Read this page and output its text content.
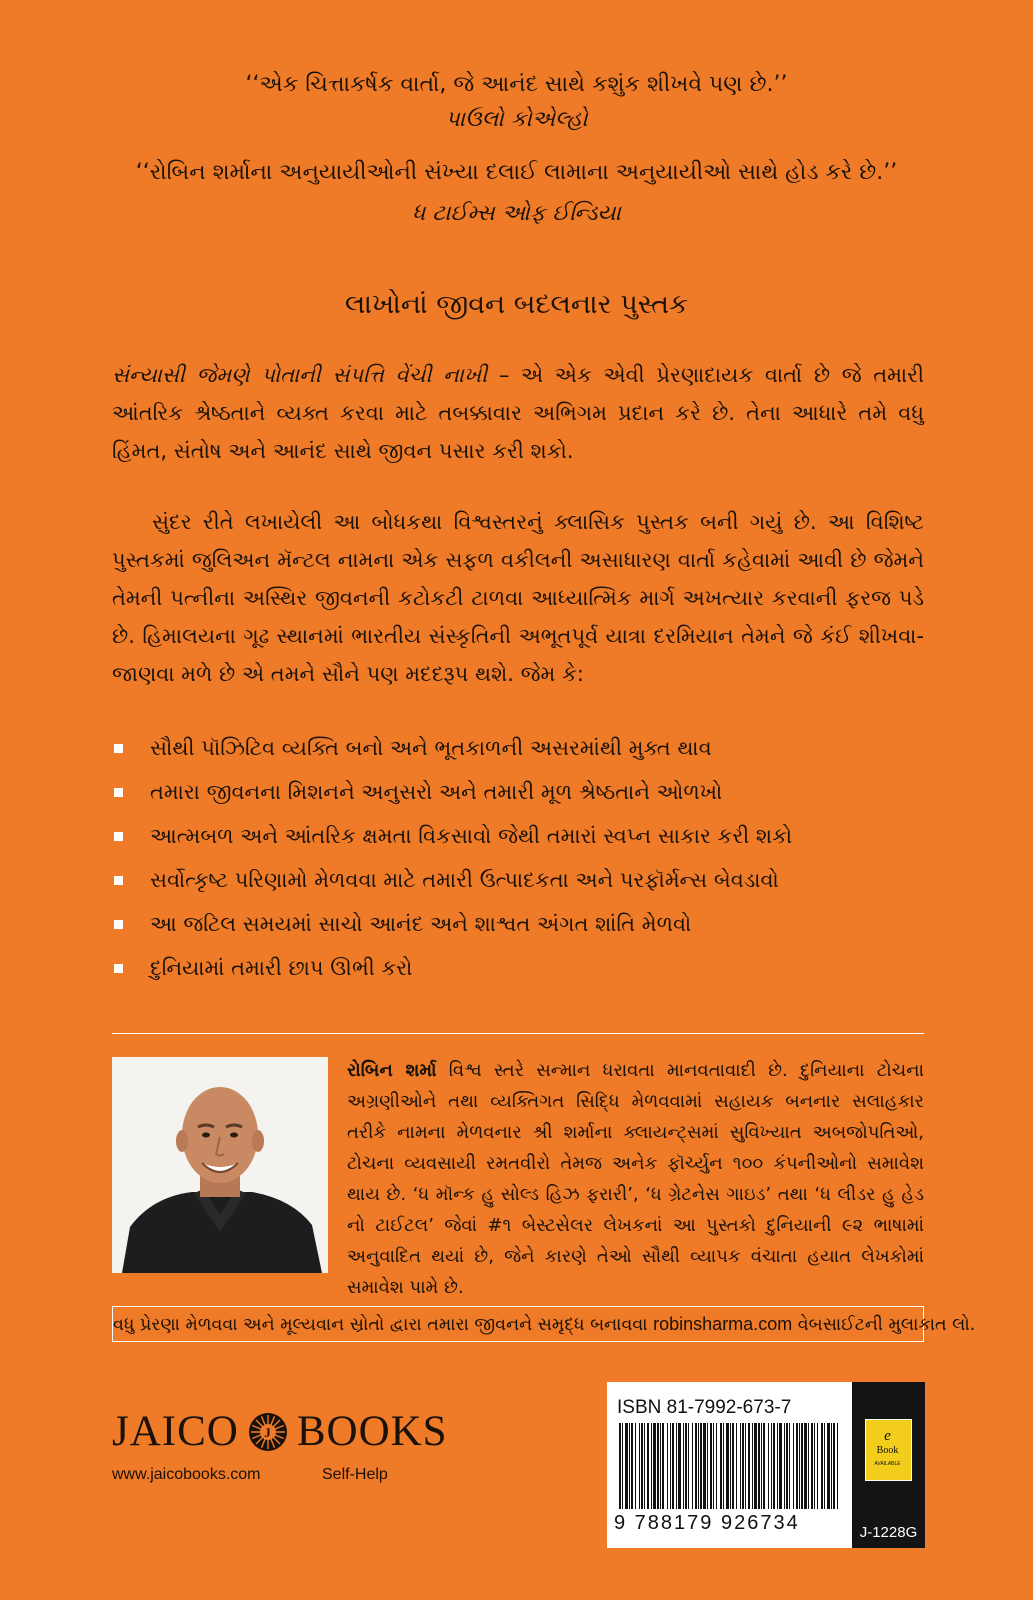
‘‘એક ચિત્તાકર્ષક વાર્તા, જે આનંદ સાથે કશુંક શીખવે પણ છે.’’
પાઉલો કોએલ્હો
‘‘રોબિન શર્માના અનુયાયીઓની સંખ્યા દલાઈ લામાના અનુયાયીઓ સાથે હોડ કરે છે.’’
ધ ટાઈમ્સ ઓફ ઈન્ડિયા
લાખોનાં જીવન બદલનાર પુસ્તક
સંન્યાસી જેમણે પોતાની સંપત્તિ વેંચી નાખી – એ એક એવી પ્રેરણાદાયક વાર્તા છે જે તમારી આંતરિક શ્રેષ્ઠતાને વ્યક્ત કરવા માટે તબક્કાવાર અભિગમ પ્રદાન કરે છે. તેના આધારે તમે વધુ હિંમત, સંતોષ અને આનંદ સાથે જીવન પસાર કરી શકો.
સુંદર રીતે લખાયેલી આ બોધકથા વિશ્વસ્તરનું ક્લાસિક પુસ્તક બની ગયું છે. આ વિશિષ્ટ પુસ્તકમાં જુલિઅન મૅન્ટલ નામના એક સફળ વકીલની અસાધારણ વાર્તા કહેવામાં આવી છે જેમને તેમની પત્નીના અસ્થિર જીવનની કટોકટી ટાળવા આધ્યાત્મિક માર્ગ અખત્યાર કરવાની ફરજ પડે છે. હિમાલયના ગૂઢ સ્થાનમાં ભારતીય સંસ્કૃતિની અભૂતપૂર્વ યાત્રા દરમિયાન તેમને જે કંઈ શીખવા-જાણવા મળે છે એ તમને સૌને પણ મદદરૂપ થશે. જેમ કે:
સૌથી પૉઝિટિવ વ્યક્તિ બનો અને ભૂતકાળની અસરમાંથી મુક્ત થાવ
તમારા જીવનના મિશનને અનુસરો અને તમારી મૂળ શ્રેષ્ઠતાને ઓળખો
આત્મબળ અને આંતરિક ક્ષમતા વિકસાવો જેથી તમારાં સ્વપ્ન સાકાર કરી શકો
સર્વોત્કૃષ્ટ પરિણામો મેળવવા માટે તમારી ઉત્પાદકતા અને પરફૉર્મન્સ બેવડાવો
આ જટિલ સમયમાં સાચો આનંદ અને શાશ્વત અંગત શાંતિ મેળવો
દુનિયામાં તમારી છાપ ઊભી કરો
રોબિન શર્મા વિશ્વ સ્તરે સન્માન ધરાવતા માનવતાવાદી છે. દુનિયાના ટોચના અગ્રણીઓને તથા વ્યક્તિગત સિદ્ધિ મેળવવામાં સહાયક બનનાર સલાહકાર તરીકે નામના મેળવનાર શ્રી શર્માના ક્લાયન્ટ્સમાં સુવિખ્યાત અબજોપતિઓ, ટોચના વ્યવસાયી રમતવીરો તેમજ અનેક ફૉર્ચ્યુન ૧૦૦ કંપનીઓનો સમાવેશ થાય છે. ‘ધ મૉન્ક હુ સોલ્ડ હિઝ ફરારી’, ‘ધ ગ્રેટનેસ ગાઇડ’ તથા ‘ધ લીડર હુ હેડ નો ટાઈટલ’ જેવાં #૧ બેસ્ટસેલર લેખકનાં આ પુસ્તકો દુનિયાની ૯૨ ભાષામાં અનુવાદિત થયાં છે, જેને કારણે તેઓ સૌથી વ્યાપક વંચાતા હયાત લેખકોમાં સમાવેશ પામે છે.
વધુ પ્રેરણા મેળવવા અને મૂલ્યવાન સ્રોતો દ્વારા તમારા જીવનને સમૃદ્ધ બનાવવા robinsharma.com વેબસાઈટની મુલાકાત લો.
JAICO J BOOKS
www.jaicobooks.com	Self-Help
ISBN 81-7992-673-7
9 788179 926734
e
Book
AVAILABLE
J-1228G
